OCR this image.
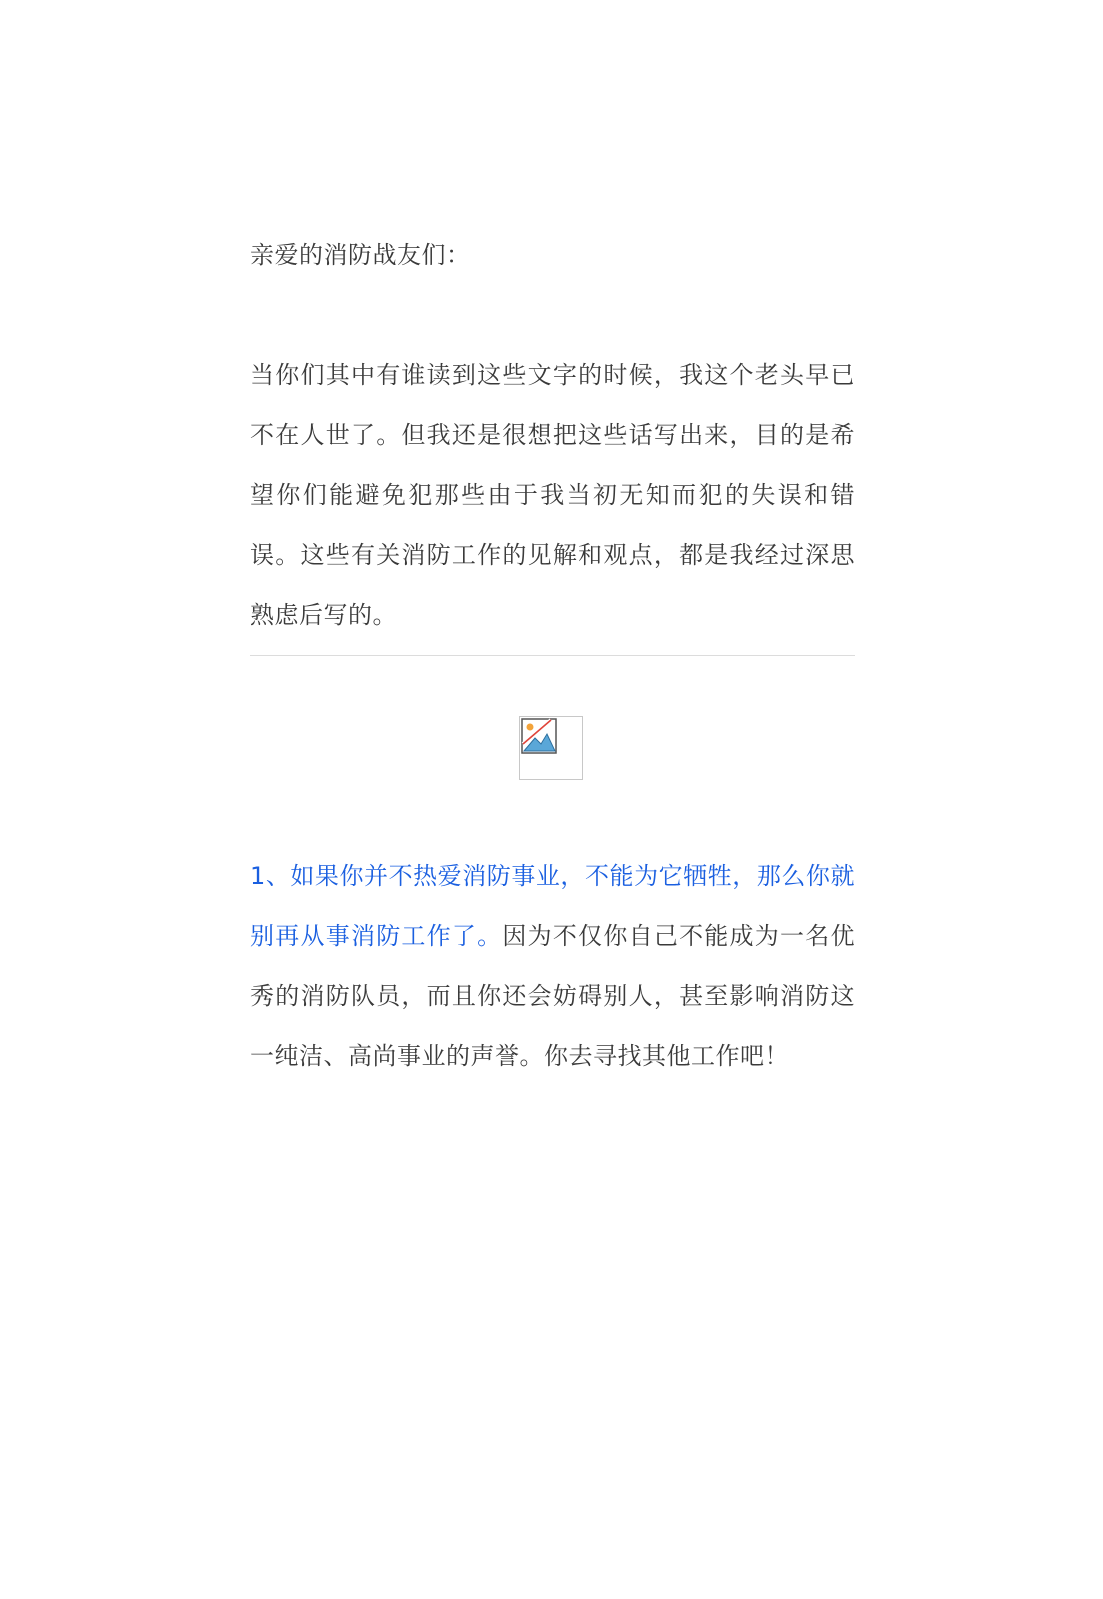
亲爱的消防战友们：

当你们其中有谁读到这些文字的时候，我这个老头早已不在人世了。但我还是很想把这些话写出来，目的是希望你们能避免犯那些由于我当初无知而犯的失误和错误。这些有关消防工作的见解和观点，都是我经过深思熟虑后写的。

1、如果你并不热爱消防事业，不能为它牺牲，那么你就别再从事消防工作了。因为不仅你自己不能成为一名优秀的消防队员，而且你还会妨碍别人，甚至影响消防这一纯洁、高尚事业的声誉。你去寻找其他工作吧！
